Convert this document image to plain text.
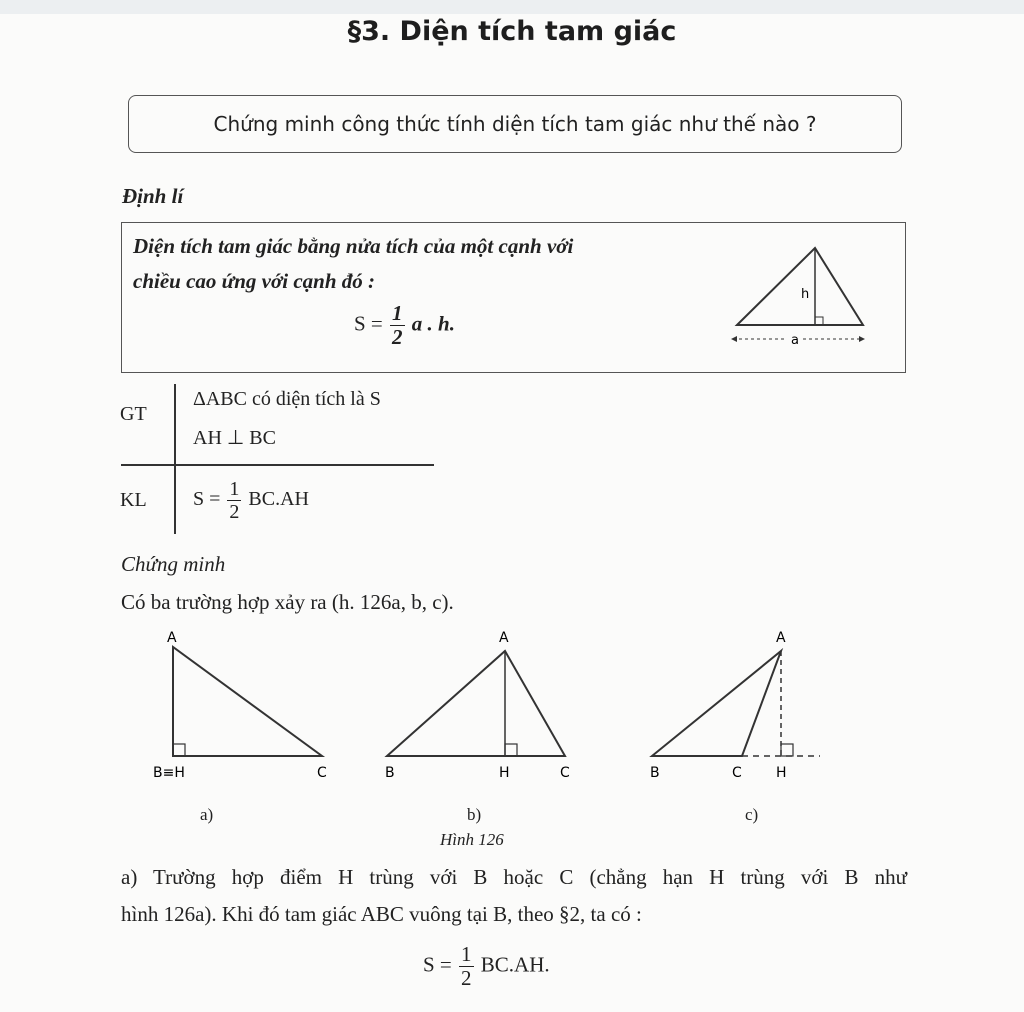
§3. Diện tích tam giác
Chứng minh công thức tính diện tích tam giác như thế nào ?
Định lí
Diện tích tam giác bằng nửa tích của một cạnh với
chiều cao ứng với cạnh đó :
$S = \frac{1}{2}$ a . h.
h
a
GT
ΔABC có diện tích là S
AH ⊥ BC
KL $S = \frac{1}{2} BC.AH$
Chứng minh
Có ba trường hợp xảy ra (h. 126a, b, c).
A
B≡H	C
A
B	H	C
A
B	C H
a)	b)	c)
Hình 126
a) Trường hợp điểm H trùng với B hoặc C (chẳng hạn H trùng với B như
hình 126a). Khi đó tam giác ABC vuông tại B, theo §2, ta có :
$S = \frac{1}{2} BC.AH$.
